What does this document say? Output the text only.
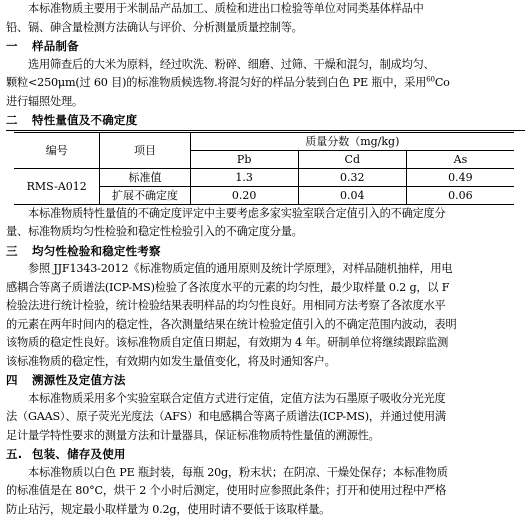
本标准物质主要用于米制品产品加工、质检和进出口检验等单位对同类基体样品中
铅、镉、砷含量检测方法确认与评价、分析测量质量控制等。
一 样品制备
选用筛查后的大米为原料，经过吹洗、粉碎、细磨、过筛、干燥和混匀，制成均匀、
颗粒<250μm(过 60 目)的标准物质候选物.将混匀好的样品分装到白色 PE 瓶中，采用$^{60}$Co
进行辐照处理。
二 特性量值及不确定度
编号	项目	质量分数（mg/kg)		
		Pb	Cd	As
RMS-A012	标准值	1.3	0.32	0.49
	扩展不确定度	0.20	0.04	0.06
本标准物质特性量值的不确定度评定中主要考虑多家实验室联合定值引入的不确定度分
量、标准物质均匀性检验和稳定性检验引入的不确定度分量。
三 均匀性检验和稳定性考察
参照 JJF1343-2012《标准物质定值的通用原则及统计学原理》，对样品随机抽样，用电
感耦合等离子质谱法(ICP-MS)检验了各浓度水平的元素的均匀性，最少取样量 0.2 g，以 F
检验法进行统计检验，统计检验结果表明样品的均匀性良好。用相同方法考察了各浓度水平
的元素在两年时间内的稳定性，各次测量结果在统计检验定值引入的不确定范围内波动，表明
该物质的稳定性良好。该标准物质自定值日期起，有效期为 4 年。研制单位将继续跟踪监测
该标准物质的稳定性，有效期内如发生量值变化，将及时通知客户。
四 溯源性及定值方法
本标准物质采用多个实验室联合定值方式进行定值，定值方法为石墨原子吸收分光光度
法（GAAS）、原子荧光光度法（AFS）和电感耦合等离子质谱法(ICP-MS)，并通过使用满
足计量学特性要求的测量方法和计量器具，保证标准物质特性量值的溯源性。
五. 包装、储存及使用
本标准物质以白色 PE 瓶封装，每瓶 20g，粉末状；在阴凉、干燥处保存；本标准物质
的标准值是在 80°C，烘干 2 个小时后测定，使用时应参照此条件；打开和使用过程中严格
防止玷污，规定最小取样量为 0.2g，使用时请不要低于该取样量。
